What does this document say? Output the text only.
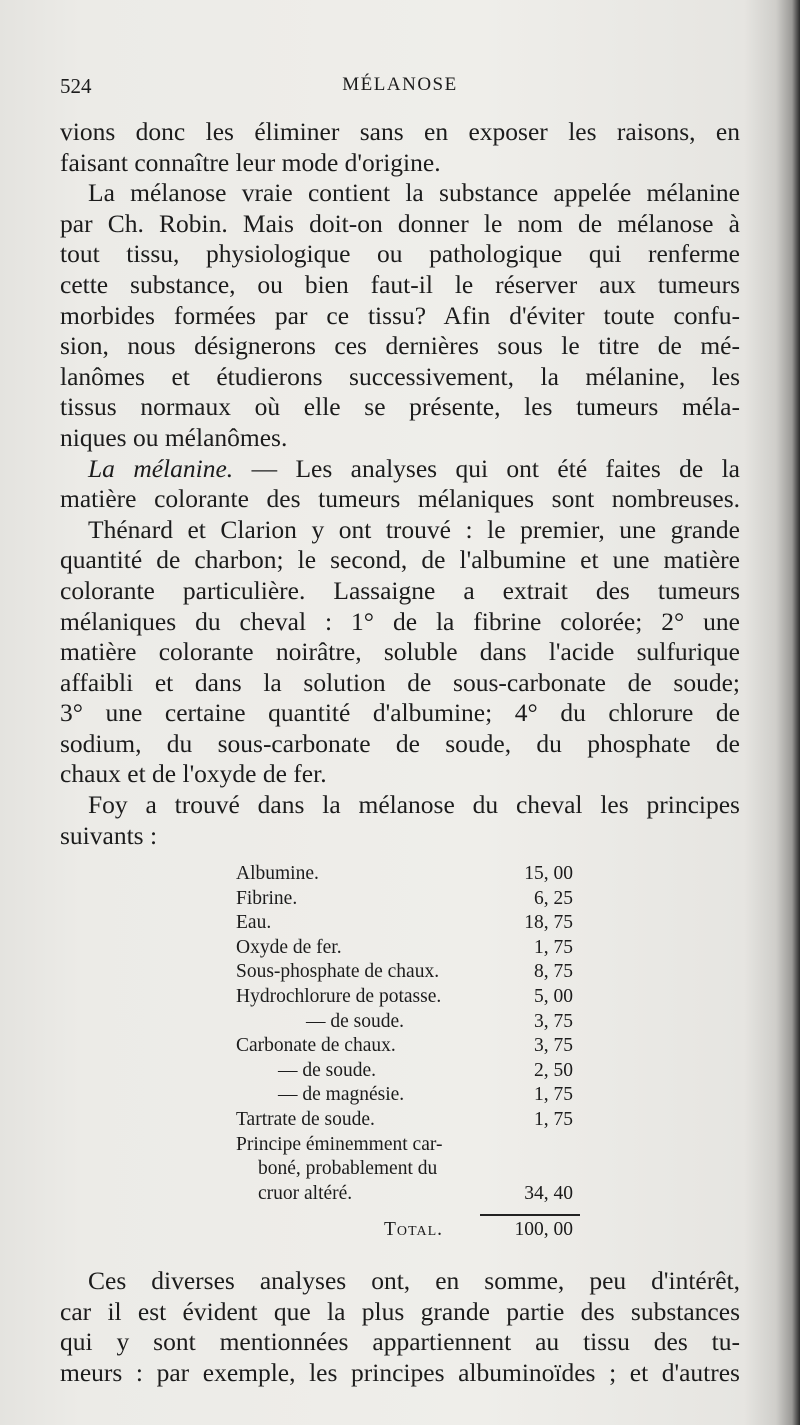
524	MÉLANOSE
vions donc les éliminer sans en exposer les raisons, en
faisant connaître leur mode d'origine.
La mélanose vraie contient la substance appelée mélanine
par Ch. Robin. Mais doit-on donner le nom de mélanose à
tout tissu, physiologique ou pathologique qui renferme
cette substance, ou bien faut-il le réserver aux tumeurs
morbides formées par ce tissu? Afin d'éviter toute confu-
sion, nous désignerons ces dernières sous le titre de mé-
lanômes et étudierons successivement, la mélanine, les
tissus normaux où elle se présente, les tumeurs méla-
niques ou mélanômes.
La mélanine. — Les analyses qui ont été faites de la
matière colorante des tumeurs mélaniques sont nombreuses.
Thénard et Clarion y ont trouvé : le premier, une grande
quantité de charbon; le second, de l'albumine et une matière
colorante particulière. Lassaigne a extrait des tumeurs
mélaniques du cheval : 1° de la fibrine colorée; 2° une
matière colorante noirâtre, soluble dans l'acide sulfurique
affaibli et dans la solution de sous-carbonate de soude;
3° une certaine quantité d'albumine; 4° du chlorure de
sodium, du sous-carbonate de soude, du phosphate de
chaux et de l'oxyde de fer.
Foy a trouvé dans la mélanose du cheval les principes
suivants :
Albumine.	15, 00
Fibrine.	6, 25
Eau.	18, 75
Oxyde de fer.	1, 75
Sous-phosphate de chaux.	8, 75
Hydrochlorure de potasse.	5, 00
— de soude.	3, 75
Carbonate de chaux.	3, 75
— de soude.	2, 50
— de magnésie.	1, 75
Tartrate de soude.	1, 75
Principe éminemment car-
boné, probablement du
cruor altéré.	34, 40
Total.	100, 00
Ces diverses analyses ont, en somme, peu d'intérêt,
car il est évident que la plus grande partie des substances
qui y sont mentionnées appartiennent au tissu des tu-
meurs : par exemple, les principes albuminoïdes ; et d'autres
